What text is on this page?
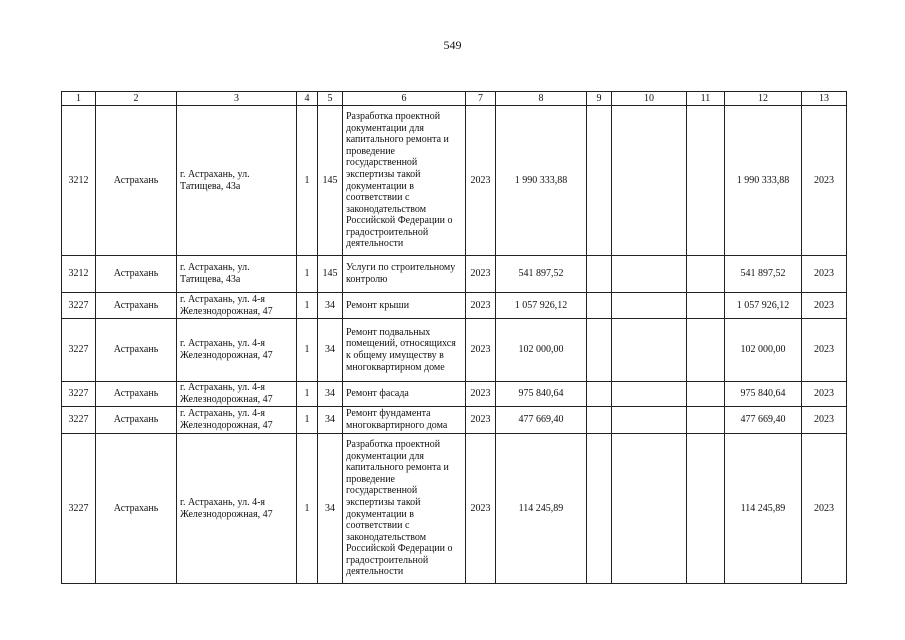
549
1	2	3	4	5	6	7	8	9	10	11	12	13
3212	Астрахань	г. Астрахань, ул. Татищева, 43а	1	145	Разработка проектной документации для капитального ремонта и проведение государственной экспертизы такой документации в соответствии с законодательством Российской Федерации о градостроительной деятельности	2023	1 990 333,88				1 990 333,88	2023
3212	Астрахань	г. Астрахань, ул. Татищева, 43а	1	145	Услуги по строительному контролю	2023	541 897,52				541 897,52	2023
3227	Астрахань	г. Астрахань, ул. 4-я Железнодорожная, 47	1	34	Ремонт крыши	2023	1 057 926,12				1 057 926,12	2023
3227	Астрахань	г. Астрахань, ул. 4-я Железнодорожная, 47	1	34	Ремонт подвальных помещений, относящихся к общему имуществу в многоквартирном доме	2023	102 000,00				102 000,00	2023
3227	Астрахань	г. Астрахань, ул. 4-я Железнодорожная, 47	1	34	Ремонт фасада	2023	975 840,64				975 840,64	2023
3227	Астрахань	г. Астрахань, ул. 4-я Железнодорожная, 47	1	34	Ремонт фундамента многоквартирного дома	2023	477 669,40				477 669,40	2023
3227	Астрахань	г. Астрахань, ул. 4-я Железнодорожная, 47	1	34	Разработка проектной документации для капитального ремонта и проведение государственной экспертизы такой документации в соответствии с законодательством Российской Федерации о градостроительной деятельности	2023	114 245,89				114 245,89	2023
